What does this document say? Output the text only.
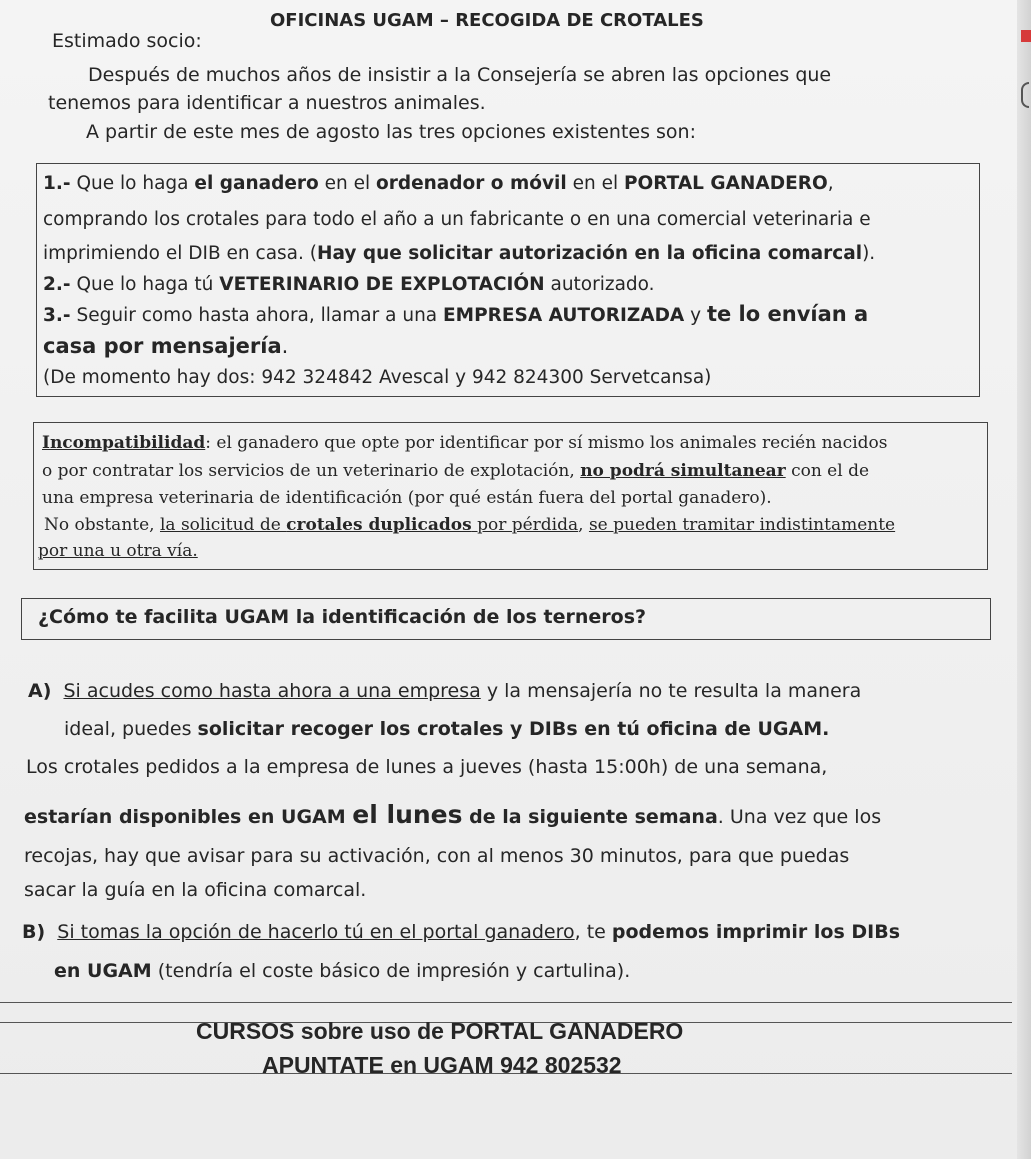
OFICINAS UGAM – RECOGIDA DE CROTALES
Estimado socio:
Después de muchos años de insistir a la Consejería se abren las opciones que
tenemos para identificar a nuestros animales.
A partir de este mes de agosto las tres opciones existentes son:
1.- Que lo haga el ganadero en el ordenador o móvil en el PORTAL GANADERO,
comprando los crotales para todo el año a un fabricante o en una comercial veterinaria e
imprimiendo el DIB en casa. (Hay que solicitar autorización en la oficina comarcal).
2.- Que lo haga tú VETERINARIO DE EXPLOTACIÓN autorizado.
3.- Seguir como hasta ahora, llamar a una EMPRESA AUTORIZADA y te lo envían a
casa por mensajería.
(De momento hay dos: 942 324842 Avescal y 942 824300 Servetcansa)
Incompatibilidad: el ganadero que opte por identificar por sí mismo los animales recién nacidos
o por contratar los servicios de un veterinario de explotación, no podrá simultanear con el de
una empresa veterinaria de identificación (por qué están fuera del portal ganadero).
No obstante, la solicitud de crotales duplicados por pérdida, se pueden tramitar indistintamente
por una u otra vía.
¿Cómo te facilita UGAM la identificación de los terneros?
A) Si acudes como hasta ahora a una empresa y la mensajería no te resulta la manera
ideal, puedes solicitar recoger los crotales y DIBs en tú oficina de UGAM.
Los crotales pedidos a la empresa de lunes a jueves (hasta 15:00h) de una semana,
estarían disponibles en UGAM el lunes de la siguiente semana. Una vez que los
recojas, hay que avisar para su activación, con al menos 30 minutos, para que puedas
sacar la guía en la oficina comarcal.
B) Si tomas la opción de hacerlo tú en el portal ganadero, te podemos imprimir los DIBs
en UGAM (tendría el coste básico de impresión y cartulina).
CURSOS sobre uso de PORTAL GANADERO
APUNTATE en UGAM 942 802532
